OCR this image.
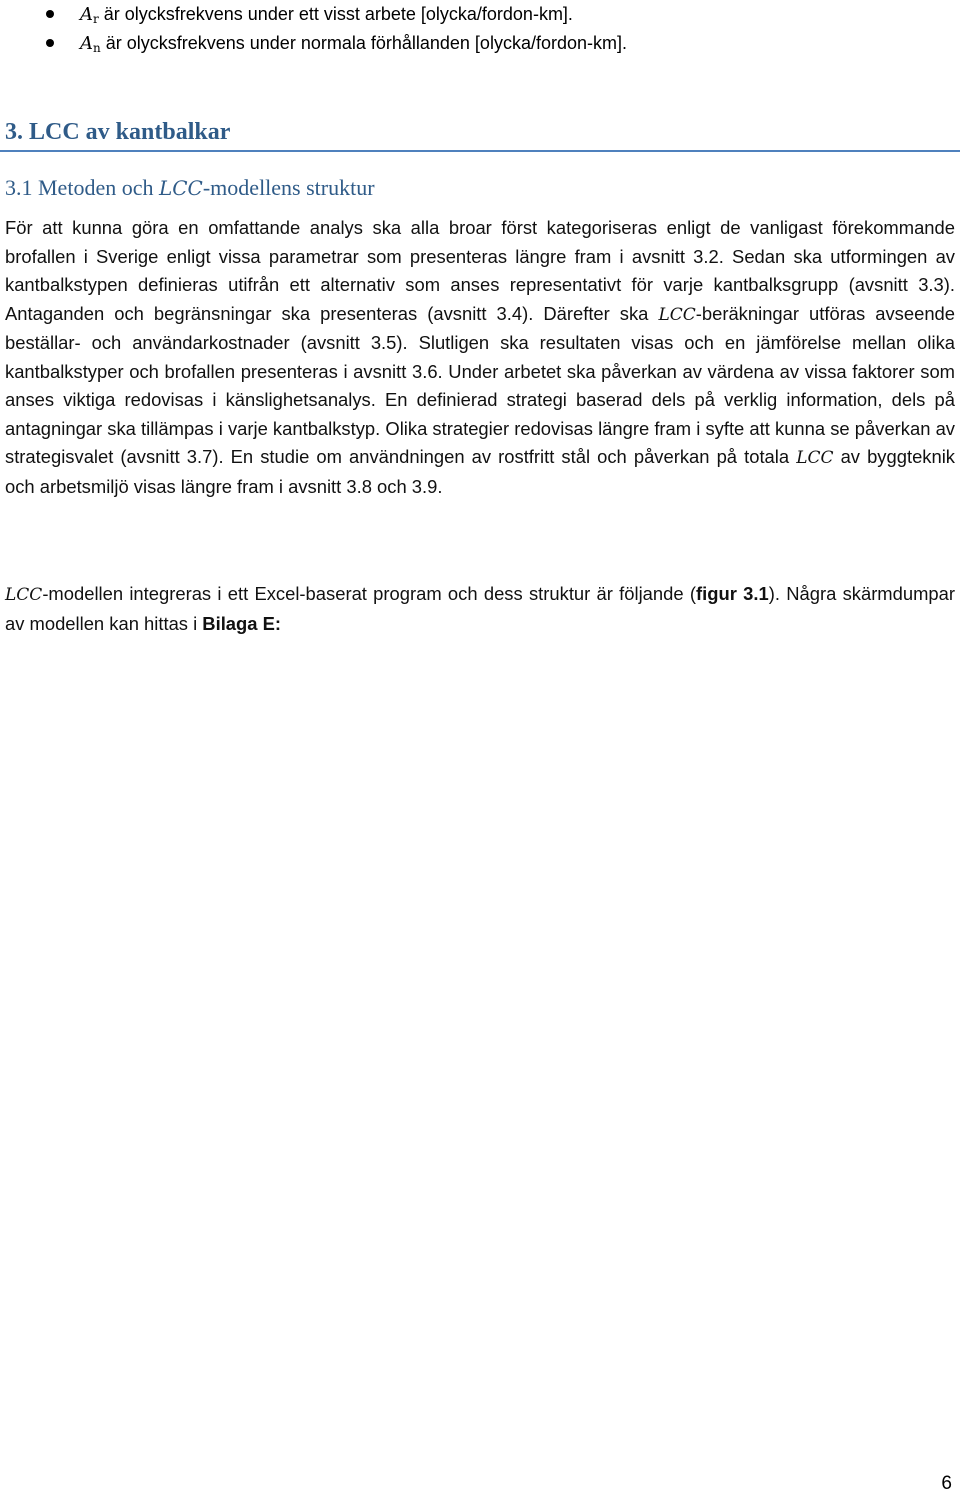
$A_r$ är olycksfrekvens under ett visst arbete [olycka/fordon-km].
$A_n$ är olycksfrekvens under normala förhållanden [olycka/fordon-km].
3. LCC av kantbalkar
3.1 Metoden och LCC-modellens struktur

För att kunna göra en omfattande analys ska alla broar först kategoriseras enligt de vanligast förekommande brofallen i Sverige enligt vissa parametrar som presenteras längre fram i avsnitt 3.2. Sedan ska utformingen av kantbalkstypen definieras utifrån ett alternativ som anses representativt för varje kantbalksgrupp (avsnitt 3.3). Antaganden och begränsningar ska presenteras (avsnitt 3.4). Därefter ska LCC-beräkningar utföras avseende beställar- och användarkostnader (avsnitt 3.5). Slutligen ska resultaten visas och en jämförelse mellan olika kantbalkstyper och brofallen presenteras i avsnitt 3.6. Under arbetet ska påverkan av värdena av vissa faktorer som anses viktiga redovisas i känslighetsanalys. En definierad strategi baserad dels på verklig information, dels på antagningar ska tillämpas i varje kantbalkstyp. Olika strategier redovisas längre fram i syfte att kunna se påverkan av strategisvalet (avsnitt 3.7). En studie om användningen av rostfritt stål och påverkan på totala LCC av byggteknik och arbetsmiljö visas längre fram i avsnitt 3.8 och 3.9.

LCC-modellen integreras i ett Excel-baserat program och dess struktur är följande (figur 3.1). Några skärmdumpar av modellen kan hittas i Bilaga E:

6
